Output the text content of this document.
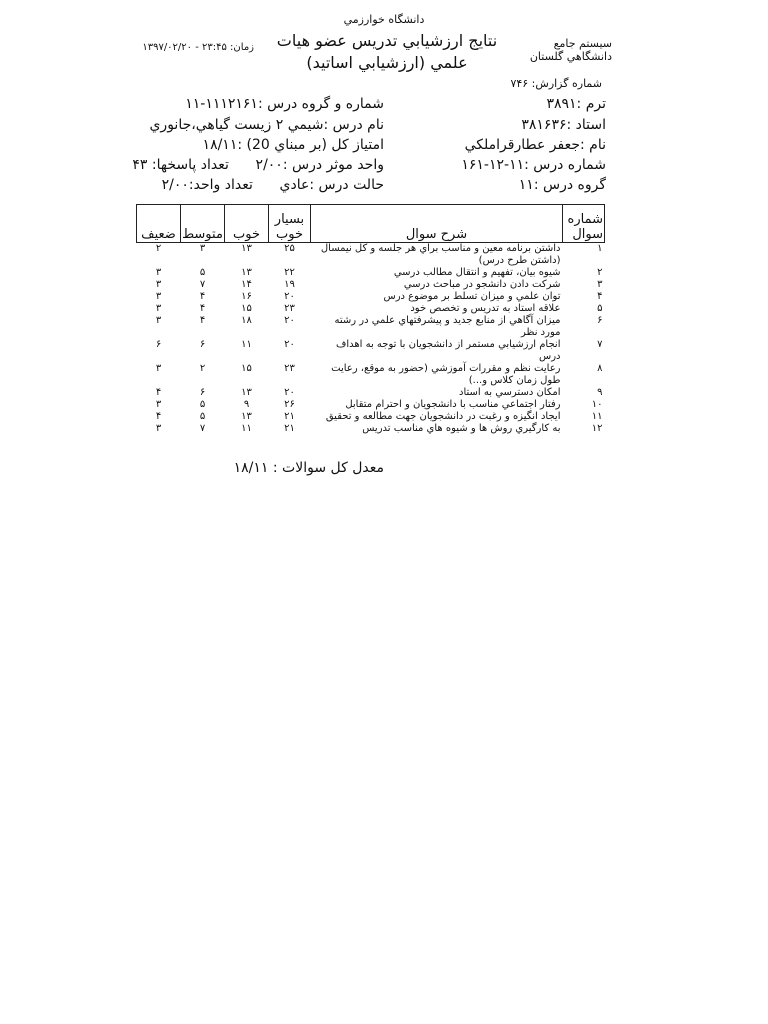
دانشگاه خوارزمي
نتايج ارزشيابي تدريس عضو هيات علمي (ارزشيابي اساتيد)
سيستم جامع دانشگاهي گلستان
زمان: ۲۳:۴۵ - ۱۳۹۷/۰۲/۲۰
شماره گزارش: ۷۴۶
ترم :۳۸۹۱
استاد :۳۸۱۶۳۶
نام :جعفر عطارقراملكي
شماره درس :۱۱-۱۲-۱۶۱
گروه درس :۱۱
شماره و گروه درس :۱۱۱۲۱۶۱-۱۱
نام درس :شيمي ۲ زيست گياهي،جانوري
امتياز كل (بر مبناي 20) :۱۸/۱۱
واحد موثر درس :۲/۰۰      تعداد پاسخها: ۴۳
حالت درس :عادي      تعداد واحد:۲/۰۰
شماره سوال	شرح سوال	بسيار خوب	خوب	متوسط	ضعيف
۱	داشتن برنامه معين و مناسب براي هر جلسه و كل نيمسال (داشتن طرح درس)	۲۵	۱۳	۳	۲
۲	شيوه بيان، تفهيم و انتقال مطالب درسي	۲۲	۱۳	۵	۳
۳	شركت دادن دانشجو در مباحث درسي	۱۹	۱۴	۷	۳
۴	توان علمي و ميزان تسلط بر موضوع درس	۲۰	۱۶	۴	۳
۵	علاقه استاد به تدريس و تخصص خود	۲۳	۱۵	۴	۳
۶	ميزان آگاهي از منابع جديد و پيشرفتهاي علمي در رشته مورد نظر	۲۰	۱۸	۴	۳
۷	انجام ارزشيابي مستمر از دانشجويان با توجه به اهداف درس	۲۰	۱۱	۶	۶
۸	رعايت نظم و مقررات آموزشي (حضور به موقع، رعايت طول زمان كلاس و...)	۲۳	۱۵	۲	۳
۹	امكان دسترسي به استاد	۲۰	۱۳	۶	۴
۱۰	رفتار اجتماعي مناسب با دانشجويان و احترام متقابل	۲۶	۹	۵	۳
۱۱	ايجاد انگيزه و رغبت در دانشجويان جهت مطالعه و تحقيق	۲۱	۱۳	۵	۴
۱۲	به كارگيري روش ها و شيوه هاي مناسب تدريس	۲۱	۱۱	۷	۳
معدل كل سوالات : ۱۸/۱۱
